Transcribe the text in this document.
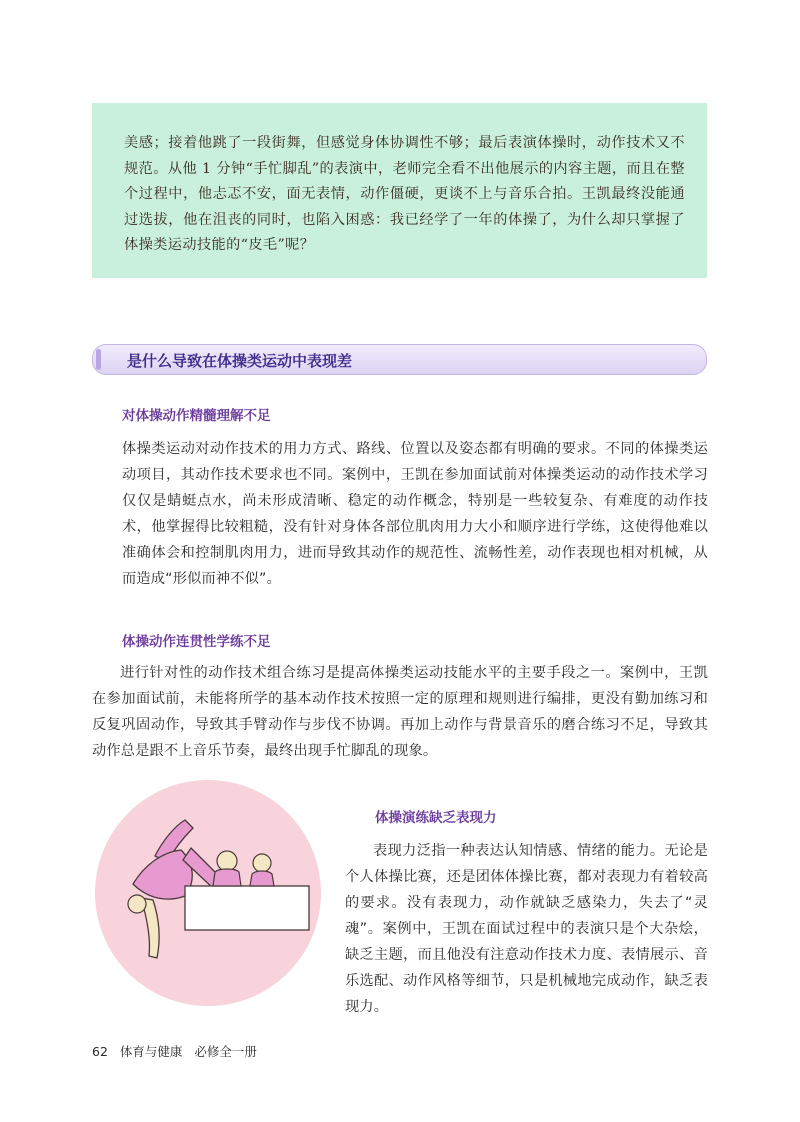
美感；接着他跳了一段街舞，但感觉身体协调性不够；最后表演体操时，动作技术又不规范。从他 1 分钟“手忙脚乱”的表演中，老师完全看不出他展示的内容主题，而且在整个过程中，他忐忑不安，面无表情，动作僵硬，更谈不上与音乐合拍。王凯最终没能通过选拔，他在沮丧的同时，也陷入困惑：我已经学了一年的体操了，为什么却只掌握了体操类运动技能的“皮毛”呢？

是什么导致在体操类运动中表现差
对体操动作精髓理解不足

体操类运动对动作技术的用力方式、路线、位置以及姿态都有明确的要求。不同的体操类运动项目，其动作技术要求也不同。案例中，王凯在参加面试前对体操类运动的动作技术学习仅仅是蜻蜓点水，尚未形成清晰、稳定的动作概念，特别是一些较复杂、有难度的动作技术，他掌握得比较粗糙，没有针对身体各部位肌肉用力大小和顺序进行学练，这使得他难以准确体会和控制肌肉用力，进而导致其动作的规范性、流畅性差，动作表现也相对机械，从而造成“形似而神不似”。

体操动作连贯性学练不足

进行针对性的动作技术组合练习是提高体操类运动技能水平的主要手段之一。案例中，王凯在参加面试前，未能将所学的基本动作技术按照一定的原理和规则进行编排，更没有勤加练习和反复巩固动作，导致其手臂动作与步伐不协调。再加上动作与背景音乐的磨合练习不足，导致其动作总是跟不上音乐节奏，最终出现手忙脚乱的现象。

体操演练缺乏表现力

表现力泛指一种表达认知情感、情绪的能力。无论是个人体操比赛，还是团体体操比赛，都对表现力有着较高的要求。没有表现力，动作就缺乏感染力，失去了“灵魂”。案例中，王凯在面试过程中的表演只是个大杂烩，缺乏主题，而且他没有注意动作技术力度、表情展示、音乐选配、动作风格等细节，只是机械地完成动作，缺乏表现力。

62 体育与健康 必修全一册
